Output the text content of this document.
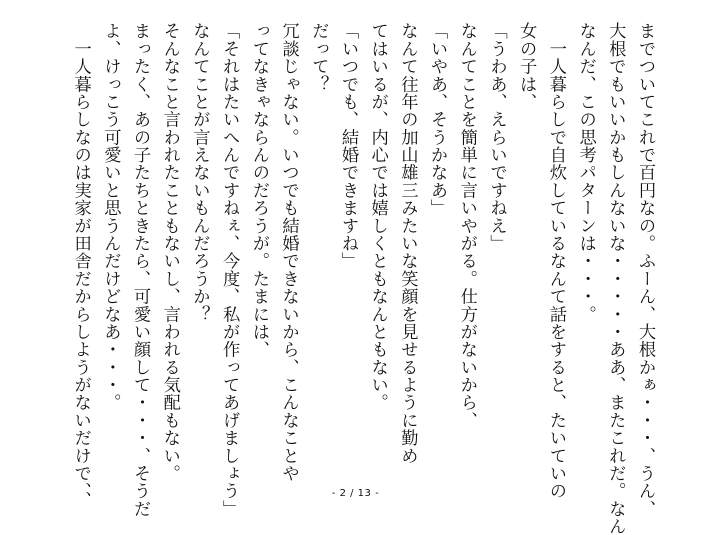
までついてこれで百円なの。ふーん、大根かぁ・・・、うん、
大根でもいいかもしんないな・・・・・ああ、またこれだ。なん
なんだ、この思考パターンは・・・。
　一人暮らしで自炊しているなんて話をすると、たいていの
女の子は、
「うわあ、えらいですねえ」
なんてことを簡単に言いやがる。仕方がないから、
「いやあ、そうかなあ」
なんて往年の加山雄三みたいな笑顔を見せるように勤め
てはいるが、内心では嬉しくともなんともない。
「いつでも、結婚できますね」
だって？
冗談じゃない。いつでも結婚できないから、こんなことや
ってなきゃならんのだろうが。たまには、
「それはたいへんですねぇ、今度、私が作ってあげましょう」
なんてことが言えないもんだろうか？
そんなこと言われたこともないし、言われる気配もない。
まったく、あの子たちときたら、可愛い顔して・・・、そうだ
よ、けっこう可愛いと思うんだけどなあ・・・。
　一人暮らしなのは実家が田舎だからしようがないだけで、、	- 2 / 13 -
